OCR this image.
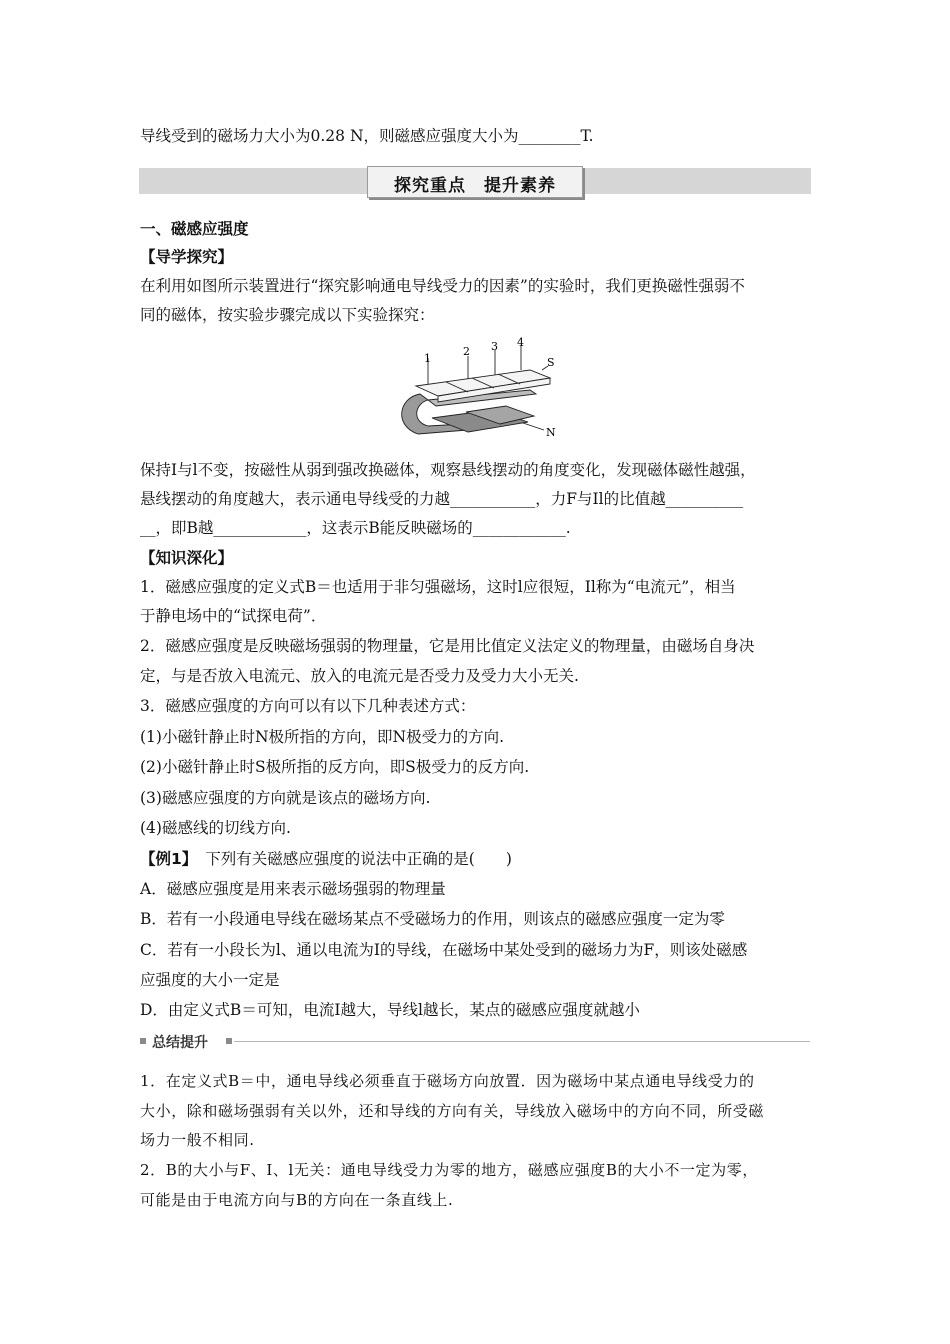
导线受到的磁场力大小为0.28 N，则磁感应强度大小为________T.
探究重点　提升素养
一、磁感应强度
【导学探究】
在利用如图所示装置进行“探究影响通电导线受力的因素”的实验时，我们更换磁性强弱不
同的磁体，按实验步骤完成以下实验探究：
1
2 3 4
S
N
保持I与l不变，按磁性从弱到强改换磁体，观察悬线摆动的角度变化，发现磁体磁性越强，
悬线摆动的角度越大，表示通电导线受的力越___________，力F与Il的比值越__________
__，即B越____________，这表示B能反映磁场的____________.
【知识深化】
1．磁感应强度的定义式B＝也适用于非匀强磁场，这时l应很短，Il称为“电流元”，相当
于静电场中的“试探电荷”．
2．磁感应强度是反映磁场强弱的物理量，它是用比值定义法定义的物理量，由磁场自身决
定，与是否放入电流元、放入的电流元是否受力及受力大小无关.
3．磁感应强度的方向可以有以下几种表述方式：
(1)小磁针静止时N极所指的方向，即N极受力的方向.
(2)小磁针静止时S极所指的反方向，即S极受力的反方向.
(3)磁感应强度的方向就是该点的磁场方向.
(4)磁感线的切线方向.
【例1】 下列有关磁感应强度的说法中正确的是(　　)
A．磁感应强度是用来表示磁场强弱的物理量
B．若有一小段通电导线在磁场某点不受磁场力的作用，则该点的磁感应强度一定为零
C．若有一小段长为l、通以电流为I的导线，在磁场中某处受到的磁场力为F，则该处磁感
应强度的大小一定是
D．由定义式B＝可知，电流I越大，导线l越长，某点的磁感应强度就越小
总结提升
1．在定义式B＝中，通电导线必须垂直于磁场方向放置．因为磁场中某点通电导线受力的
大小，除和磁场强弱有关以外，还和导线的方向有关，导线放入磁场中的方向不同，所受磁
场力一般不相同.
2．B的大小与F、I、l无关：通电导线受力为零的地方，磁感应强度B的大小不一定为零，
可能是由于电流方向与B的方向在一条直线上.
